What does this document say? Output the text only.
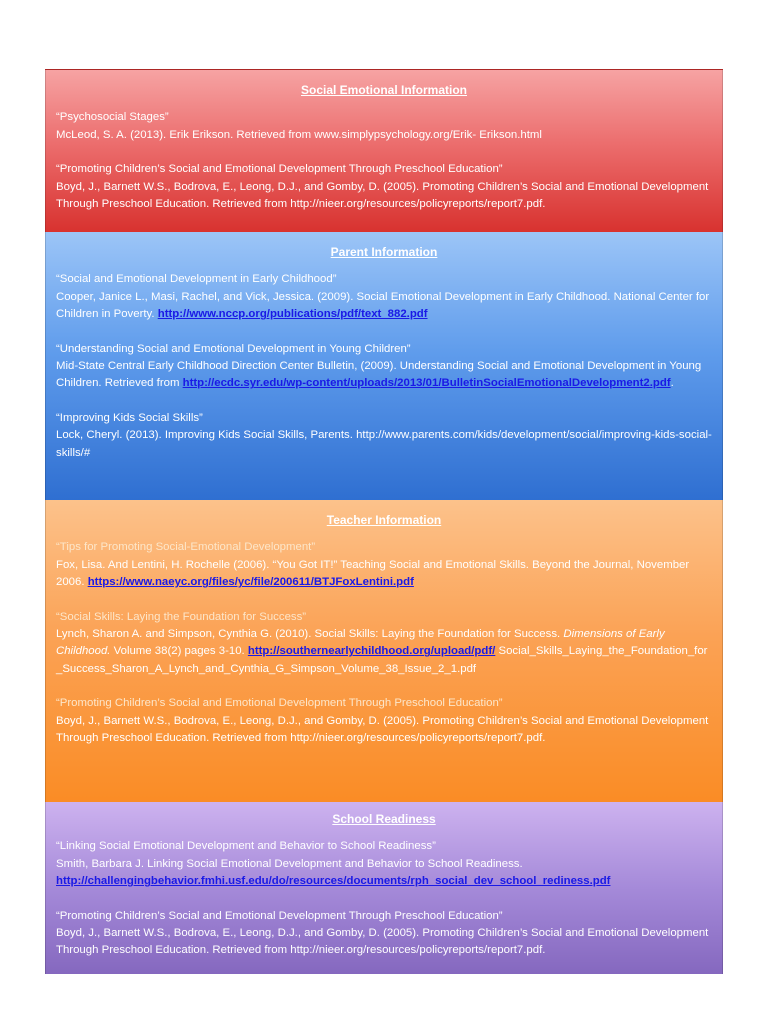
Social Emotional Information

“Psychosocial Stages”

McLeod, S. A. (2013). Erik Erikson. Retrieved from www.simplypsychology.org/Erik- Erikson.html

“Promoting Children’s Social and Emotional Development Through Preschool Education”

Boyd, J., Barnett W.S., Bodrova, E., Leong, D.J., and Gomby, D. (2005). Promoting Children’s Social and Emotional Development Through Preschool Education. Retrieved from http://nieer.org/resources/policyreports/report7.pdf.

Parent Information

“Social and Emotional Development in Early Childhood”

Cooper, Janice L., Masi, Rachel, and Vick, Jessica. (2009). Social Emotional Development in Early Childhood. National Center for Children in Poverty. http://www.nccp.org/publications/pdf/text_882.pdf

“Understanding Social and Emotional Development in Young Children”

Mid-State Central Early Childhood Direction Center Bulletin, (2009). Understanding Social and Emotional Development in Young Children. Retrieved from http://ecdc.syr.edu/wp-content/uploads/2013/01/BulletinSocialEmotionalDevelopment2.pdf.

“Improving Kids Social Skills”

Lock, Cheryl. (2013). Improving Kids Social Skills, Parents. http://www.parents.com/kids/development/social/improving-kids-social-skills/#

Teacher Information

“Tips for Promoting Social-Emotional Development”

Fox, Lisa. And Lentini, H. Rochelle (2006). “You Got IT!” Teaching Social and Emotional Skills. Beyond the Journal, November 2006. https://www.naeyc.org/files/yc/file/200611/BTJFoxLentini.pdf

“Social Skills: Laying the Foundation for Success”

Lynch, Sharon A. and Simpson, Cynthia G. (2010). Social Skills: Laying the Foundation for Success. Dimensions of Early Childhood. Volume 38(2) pages 3-10. http://southernearlychildhood.org/upload/pdf/ Social_Skills_Laying_the_Foundation_for_Success_Sharon_A_Lynch_and_Cynthia_G_Simpson_Volume_38_Issue_2_1.pdf

“Promoting Children’s Social and Emotional Development Through Preschool Education”

Boyd, J., Barnett W.S., Bodrova, E., Leong, D.J., and Gomby, D. (2005). Promoting Children’s Social and Emotional Development Through Preschool Education. Retrieved from http://nieer.org/resources/policyreports/report7.pdf.

School Readiness

“Linking Social Emotional Development and Behavior to School Readiness”

Smith, Barbara J. Linking Social Emotional Development and Behavior to School Readiness.

http://challengingbehavior.fmhi.usf.edu/do/resources/documents/rph_social_dev_school_rediness.pdf

“Promoting Children’s Social and Emotional Development Through Preschool Education”

Boyd, J., Barnett W.S., Bodrova, E., Leong, D.J., and Gomby, D. (2005). Promoting Children’s Social and Emotional Development Through Preschool Education. Retrieved from http://nieer.org/resources/policyreports/report7.pdf.
